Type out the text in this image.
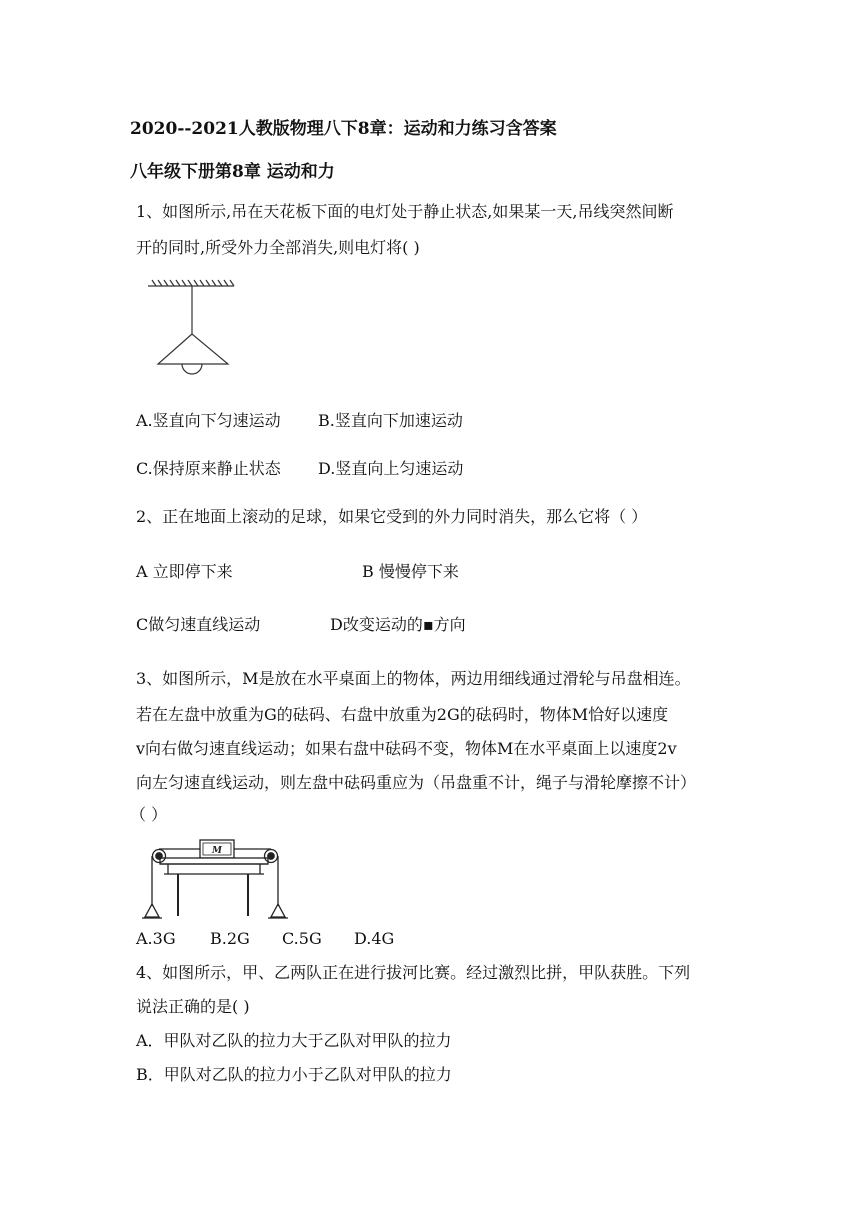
2020--2021人教版物理八下8章：运动和力练习含答案
八年级下册第8章 运动和力
1、如图所示,吊在天花板下面的电灯处于静止状态,如果某一天,吊线突然间断
开的同时,所受外力全部消失,则电灯将( )
A.竖直向下匀速运动 B.竖直向下加速运动
C.保持原来静止状态 D.竖直向上匀速运动
2、正在地面上滚动的足球，如果它受到的外力同时消失，那么它将（ ）
A 立即停下来	B 慢慢停下来
C做匀速直线运动	D改变运动的▪方向
3、如图所示，M是放在水平桌面上的物体，两边用细线通过滑轮与吊盘相连。
若在左盘中放重为G的砝码、右盘中放重为2G的砝码时，物体M恰好以速度
v向右做匀速直线运动；如果右盘中砝码不变，物体M在水平桌面上以速度2v
向左匀速直线运动，则左盘中砝码重应为（吊盘重不计，绳子与滑轮摩擦不计）
（ ）
M
A.3G B.2G C.5G D.4G
4、如图所示，甲、乙两队正在进行拔河比赛。经过激烈比拼，甲队获胜。下列
说法正确的是( )
A．甲队对乙队的拉力大于乙队对甲队的拉力
B．甲队对乙队的拉力小于乙队对甲队的拉力
